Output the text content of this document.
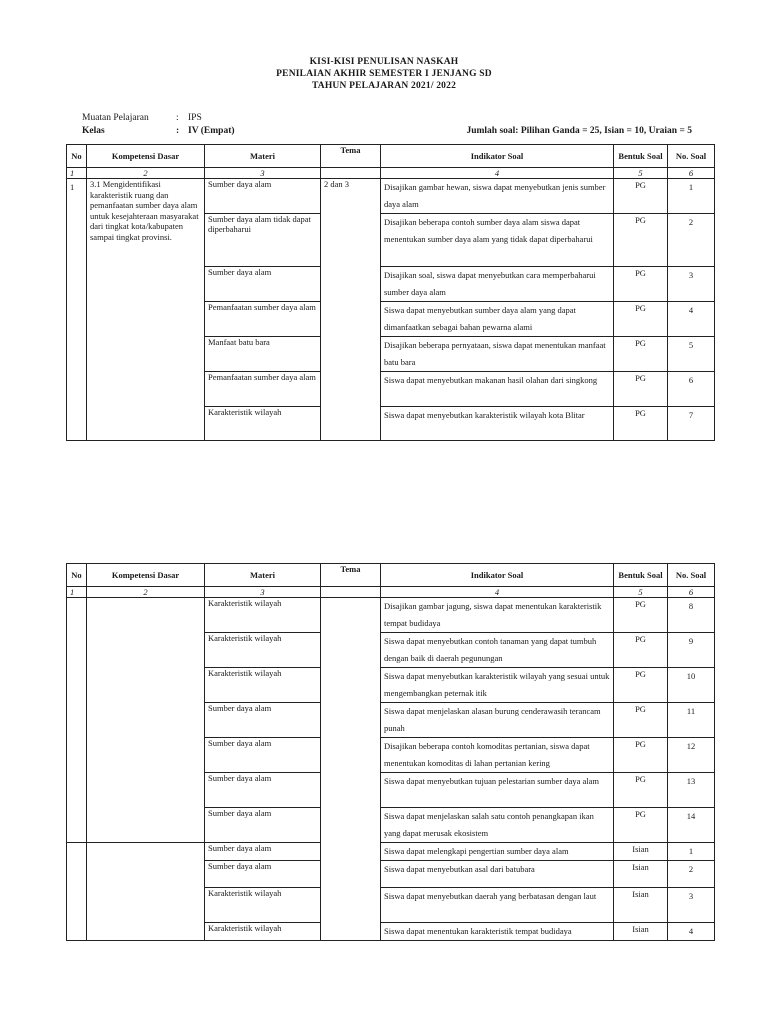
KISI-KISI PENULISAN NASKAH
PENILAIAN AKHIR SEMESTER I JENJANG SD
TAHUN PELAJARAN 2021/ 2022
Muatan Pelajaran	: IPS
Kelas	: IV (Empat)	Jumlah soal: Pilihan Ganda = 25, Isian = 10, Uraian = 5
No	Kompetensi Dasar	Materi	Tema	Indikator Soal	Bentuk Soal	No. Soal
1	2	3		4	5	6
1	3.1 Mengidentifikasi karakteristik ruang dan pemanfaatan sumber daya alam untuk kesejahteraan masyarakat dari tingkat kota/kabupaten sampai tingkat provinsi.	Sumber daya alam	2 dan 3	Disajikan gambar hewan, siswa dapat menyebutkan jenis sumber daya alam	PG	1
		Sumber daya alam tidak dapat diperbaharui		Disajikan beberapa contoh sumber daya alam siswa dapat menentukan sumber daya alam yang tidak dapat diperbaharui	PG	2
		Sumber daya alam		Disajikan soal, siswa dapat menyebutkan cara memperbaharui sumber daya alam	PG	3
		Pemanfaatan sumber daya alam		Siswa dapat menyebutkan sumber daya alam yang dapat dimanfaatkan sebagai bahan pewarna alami	PG	4
		Manfaat batu bara		Disajikan beberapa pernyataan, siswa dapat menentukan manfaat batu bara	PG	5
		Pemanfaatan sumber daya alam		Siswa dapat menyebutkan makanan hasil olahan dari singkong	PG	6
		Karakteristik wilayah		Siswa dapat menyebutkan karakteristik wilayah kota Blitar	PG	7
No	Kompetensi Dasar	Materi	Tema	Indikator Soal	Bentuk Soal	No. Soal
1	2	3		4	5	6
		Karakteristik wilayah		Disajikan gambar jagung, siswa dapat menentukan karakteristik tempat budidaya	PG	8
		Karakteristik wilayah		Siswa dapat menyebutkan contoh tanaman yang dapat tumbuh dengan baik di daerah pegunungan	PG	9
		Karakteristik wilayah		Siswa dapat menyebutkan karakteristik wilayah yang sesuai untuk mengembangkan peternak itik	PG	10
		Sumber daya alam		Siswa dapat menjelaskan alasan burung cenderawasih terancam punah	PG	11
		Sumber daya alam		Disajikan beberapa contoh komoditas pertanian, siswa dapat menentukan komoditas di lahan pertanian kering	PG	12
		Sumber daya alam		Siswa dapat menyebutkan tujuan pelestarian sumber daya alam	PG	13
		Sumber daya alam		Siswa dapat menjelaskan salah satu contoh penangkapan ikan yang dapat merusak ekosistem	PG	14
		Sumber daya alam		Siswa dapat melengkapi pengertian sumber daya alam	Isian	1
		Sumber daya alam		Siswa dapat menyebutkan asal dari batubara	Isian	2
		Karakteristik wilayah		Siswa dapat menyebutkan daerah yang berbatasan dengan laut	Isian	3
		Karakteristik wilayah		Siswa dapat menentukan karakteristik tempat budidaya	Isian	4
